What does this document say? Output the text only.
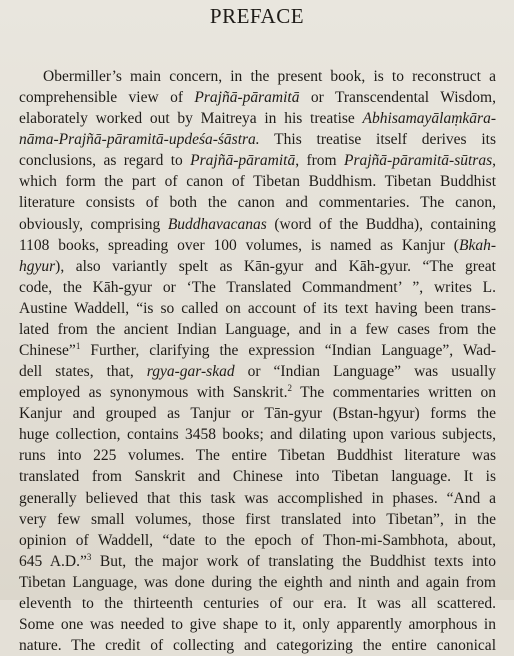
PREFACE
Obermiller’s main concern, in the present book, is to reconstruct a
comprehensible view of Prajñā-pāramitā or Transcendental Wisdom,
elaborately worked out by Maitreya in his treatise Abhisamayālaṃkāra-
nāma-Prajñā-pāramitā-updeśa-śāstra. This treatise itself derives its
conclusions, as regard to Prajñā-pāramitā, from Prajñā-pāramitā-sūtras,
which form the part of canon of Tibetan Buddhism. Tibetan Buddhist
literature consists of both the canon and commentaries. The canon,
obviously, comprising Buddhavacanas (word of the Buddha), containing
1108 books, spreading over 100 volumes, is named as Kanjur (Bkah-
hgyur), also variantly spelt as Kān-gyur and Kāh-gyur. “The great
code, the Kāh-gyur or ‘The Translated Commandment’ ”, writes L.
Austine Waddell, “is so called on account of its text having been trans-
lated from the ancient Indian Language, and in a few cases from the
Chinese”$^1$ Further, clarifying the expression “Indian Language”, Wad-
dell states, that, rgya-gar-skad or “Indian Language” was usually
employed as synonymous with Sanskrit.$^2$ The commentaries written on
Kanjur and grouped as Tanjur or Tān-gyur (Bstan-hgyur) forms the
huge collection, contains 3458 books; and dilating upon various subjects,
runs into 225 volumes. The entire Tibetan Buddhist literature was
translated from Sanskrit and Chinese into Tibetan language. It is
generally believed that this task was accomplished in phases. “And a
very few small volumes, those first translated into Tibetan”, in the
opinion of Waddell, “date to the epoch of Thon-mi-Sambhota, about,
645 A.D.”$^3$ But, the major work of translating the Buddhist texts into
Tibetan Language, was done during the eighth and ninth and again from
eleventh to the thirteenth centuries of our era. It was all scattered.
Some one was needed to give shape to it, only apparently amorphous in
nature. The credit of collecting and categorizing the entire canonical
